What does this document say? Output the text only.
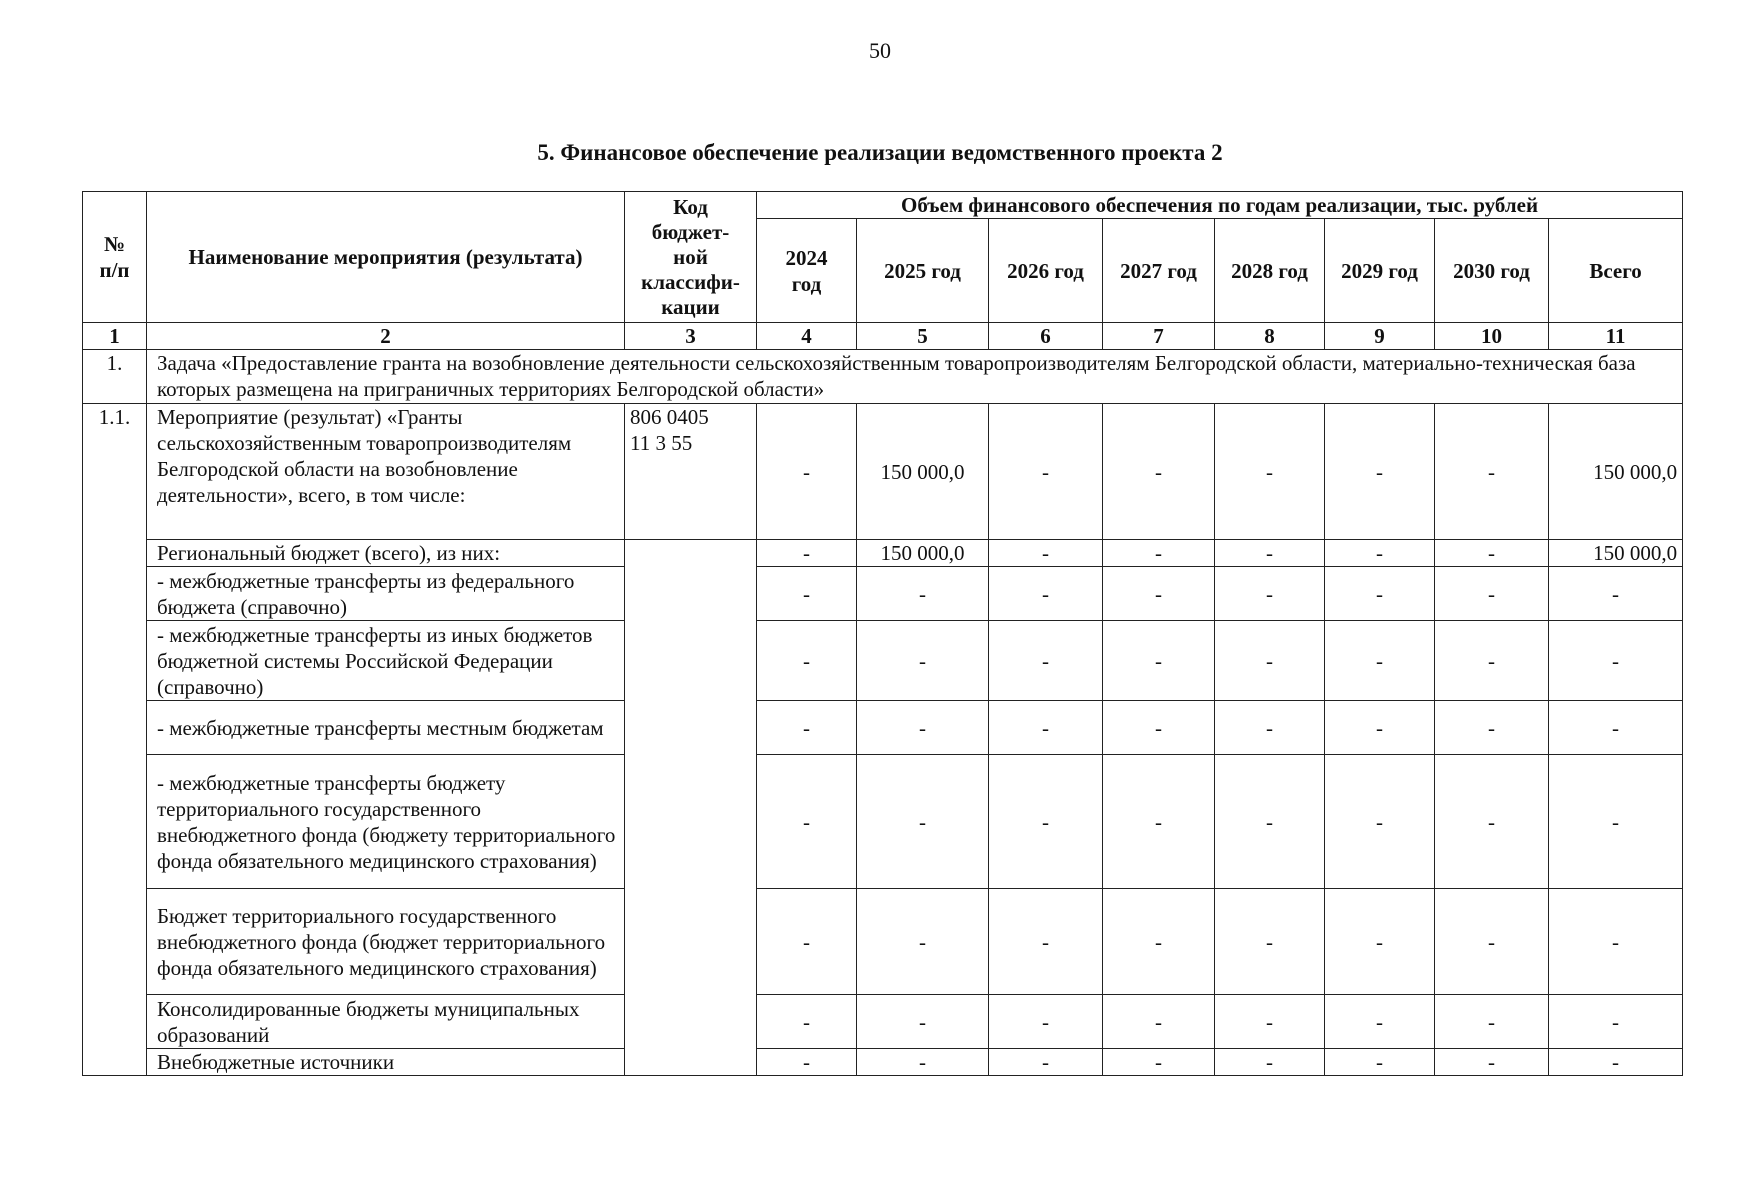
50
5. Финансовое обеспечение реализации ведомственного проекта 2
№
п/п	Наименование мероприятия (результата)	Код
бюджет-
ной
классифи-
кации	Объем финансового обеспечения по годам реализации, тыс. рублей							
			2024
год	2025 год	2026 год	2027 год	2028 год	2029 год	2030 год	Всего
1	2	3	4	5	6	7	8	9	10	11
1.	Задача «Предоставление гранта на возобновление деятельности сельскохозяйственным товаропроизводителям Белгородской области, материально-техническая база которых размещена на приграничных территориях Белгородской области»									
1.1.	Мероприятие (результат) «Гранты сельскохозяйственным товаропроизводителям Белгородской области на возобновление деятельности», всего, в том числе:	806 0405
11 3 55	-	150 000,0	-	-	-	-	-	150 000,0
	Региональный бюджет (всего), из них:		-	150 000,0	-	-	-	-	-	150 000,0
	- межбюджетные трансферты из федерального бюджета (справочно)		-	-	-	-	-	-	-	-
	- межбюджетные трансферты из иных бюджетов бюджетной системы Российской Федерации (справочно)		-	-	-	-	-	-	-	-
	- межбюджетные трансферты местным бюджетам		-	-	-	-	-	-	-	-
	- межбюджетные трансферты бюджету территориального государственного внебюджетного фонда (бюджету территориального фонда обязательного медицинского страхования)		-	-	-	-	-	-	-	-
	Бюджет территориального государственного внебюджетного фонда (бюджет территориального фонда обязательного медицинского страхования)		-	-	-	-	-	-	-	-
	Консолидированные бюджеты муниципальных образований		-	-	-	-	-	-	-	-
	Внебюджетные источники		-	-	-	-	-	-	-	-
